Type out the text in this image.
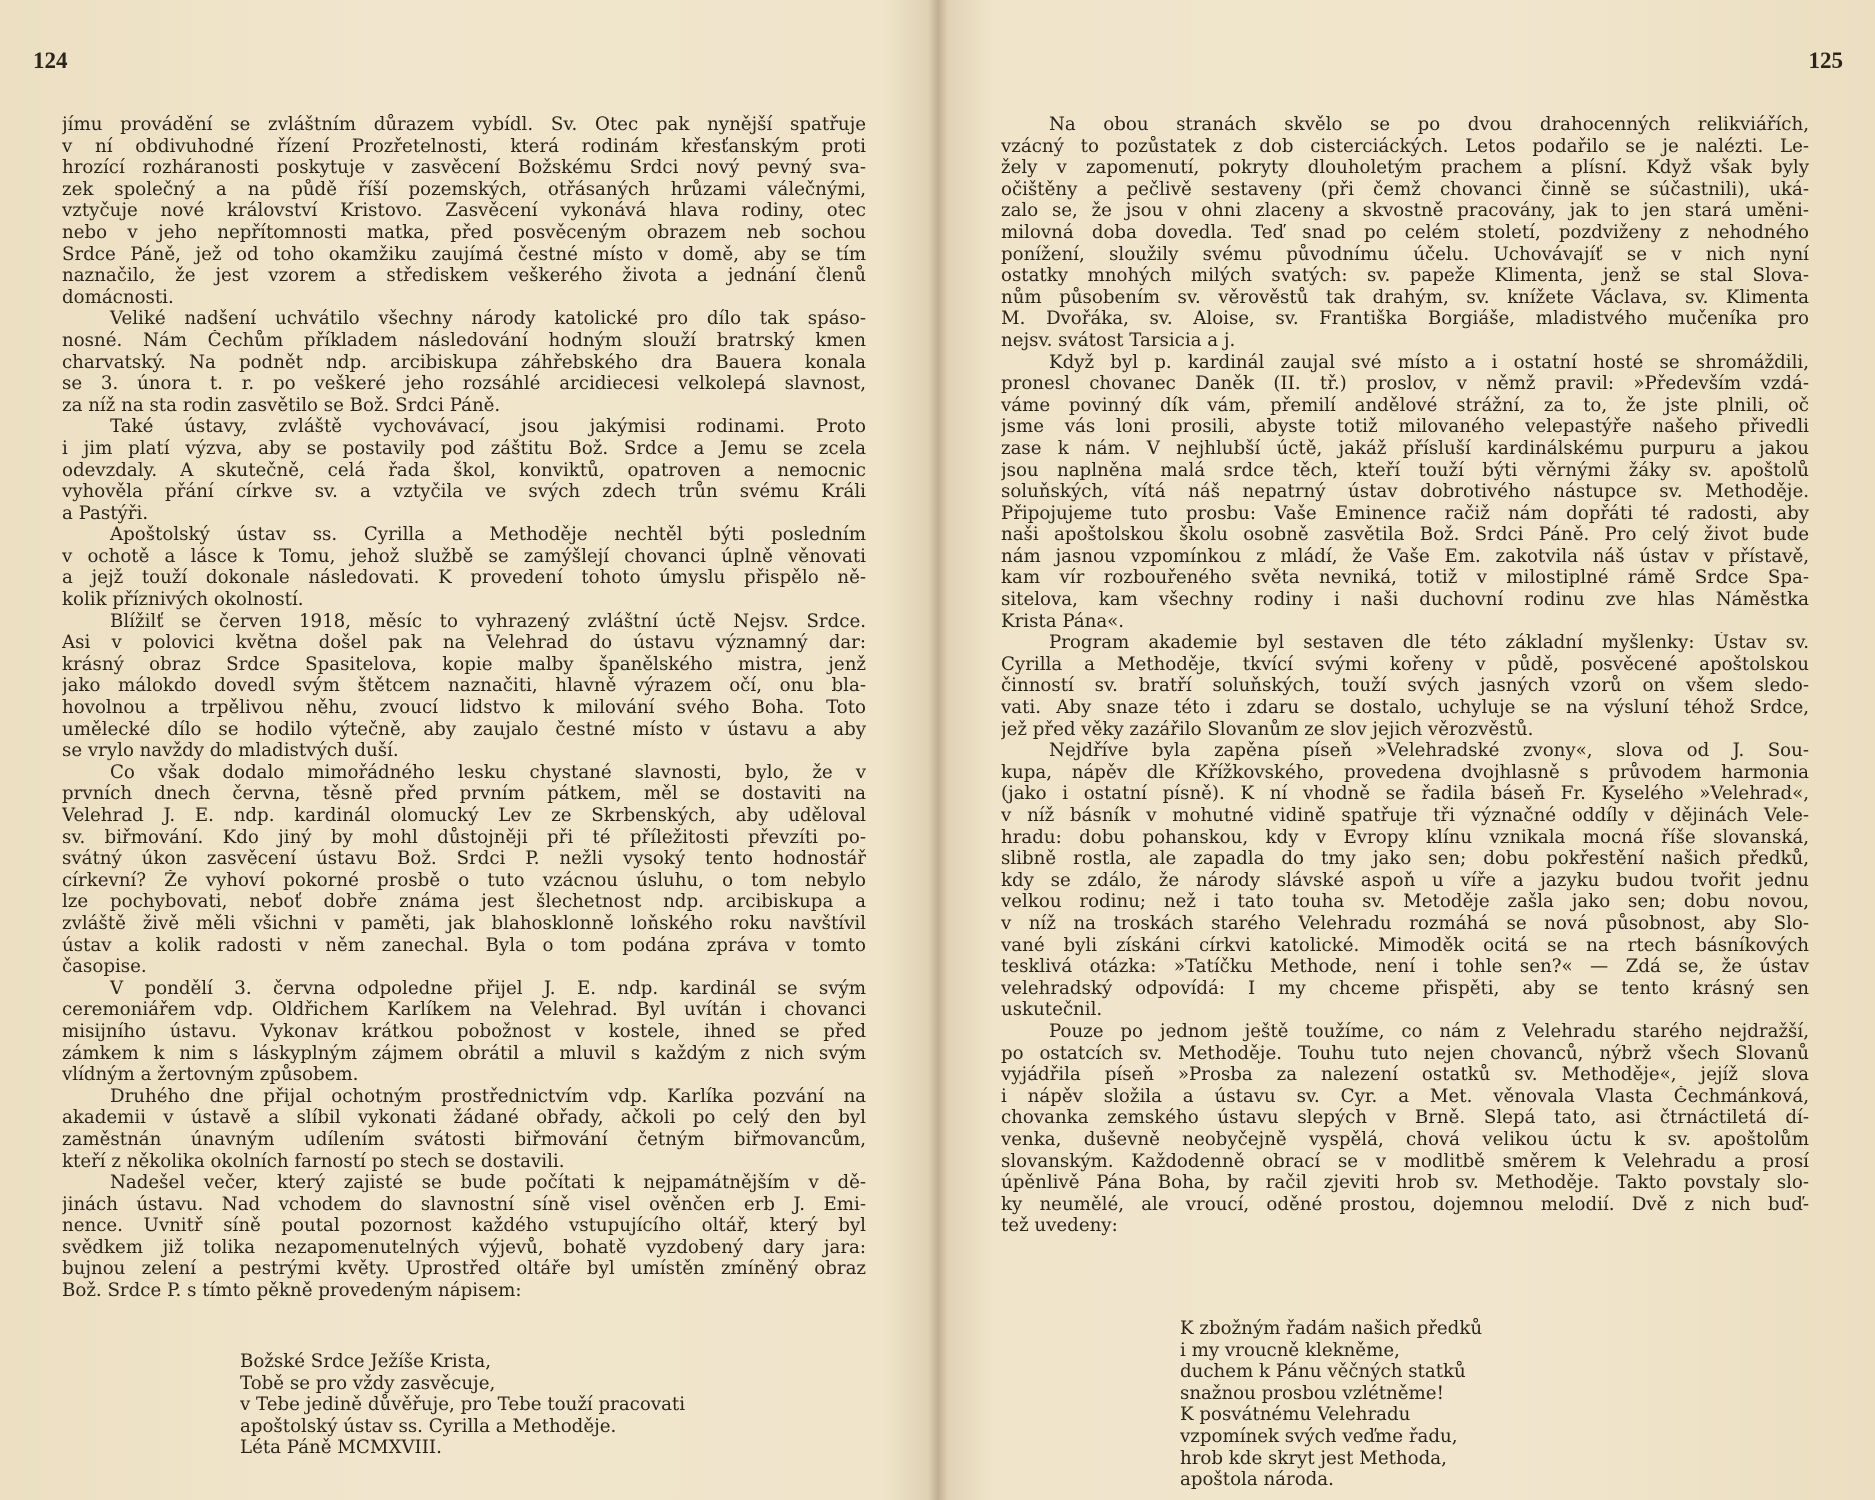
124
jímu provádění se zvláštním důrazem vybídl. Sv. Otec pak nynější spatřuje
v ní obdivuhodné řízení Prozřetelnosti, která rodinám křesťanským proti
hrozící rozháranosti poskytuje v zasvěcení Božskému Srdci nový pevný sva-
zek společný a na půdě říší pozemských, otřásaných hrůzami válečnými,
vztyčuje nové království Kristovo. Zasvěcení vykonává hlava rodiny, otec
nebo v jeho nepřítomnosti matka, před posvěceným obrazem neb sochou
Srdce Páně, jež od toho okamžiku zaujímá čestné místo v domě, aby se tím
naznačilo, že jest vzorem a střediskem veškerého života a jednání členů
domácnosti.
Veliké nadšení uchvátilo všechny národy katolické pro dílo tak spáso-
nosné. Nám Čechům příkladem následování hodným slouží bratrský kmen
charvatský. Na podnět ndp. arcibiskupa záhřebského dra Bauera konala
se 3. února t. r. po veškeré jeho rozsáhlé arcidiecesi velkolepá slavnost,
za níž na sta rodin zasvětilo se Bož. Srdci Páně.
Také ústavy, zvláště vychovávací, jsou jakýmisi rodinami. Proto
i jim platí výzva, aby se postavily pod záštitu Bož. Srdce a Jemu se zcela
odevzdaly. A skutečně, celá řada škol, konviktů, opatroven a nemocnic
vyhověla přání církve sv. a vztyčila ve svých zdech trůn svému Králi
a Pastýři.
Apoštolský ústav ss. Cyrilla a Methoděje nechtěl býti posledním
v ochotě a lásce k Tomu, jehož službě se zamýšlejí chovanci úplně věnovati
a jejž touží dokonale následovati. K provedení tohoto úmyslu přispělo ně-
kolik příznivých okolností.
Blížilť se červen 1918, měsíc to vyhrazený zvláštní úctě Nejsv. Srdce.
Asi v polovici května došel pak na Velehrad do ústavu významný dar:
krásný obraz Srdce Spasitelova, kopie malby španělského mistra, jenž
jako málokdo dovedl svým štětcem naznačiti, hlavně výrazem očí, onu bla-
hovolnou a trpělivou něhu, zvoucí lidstvo k milování svého Boha. Toto
umělecké dílo se hodilo výtečně, aby zaujalo čestné místo v ústavu a aby
se vrylo navždy do mladistvých duší.
Co však dodalo mimořádného lesku chystané slavnosti, bylo, že v
prvních dnech června, těsně před prvním pátkem, měl se dostaviti na
Velehrad J. E. ndp. kardinál olomucký Lev ze Skrbenských, aby uděloval
sv. biřmování. Kdo jiný by mohl důstojněji při té příležitosti převzíti po-
svátný úkon zasvěcení ústavu Bož. Srdci P. nežli vysoký tento hodnostář
církevní? Že vyhoví pokorné prosbě o tuto vzácnou úsluhu, o tom nebylo
lze pochybovati, neboť dobře známa jest šlechetnost ndp. arcibiskupa a
zvláště živě měli všichni v paměti, jak blahosklonně loňského roku navštívil
ústav a kolik radosti v něm zanechal. Byla o tom podána zpráva v tomto
časopise.
V pondělí 3. června odpoledne přijel J. E. ndp. kardinál se svým
ceremoniářem vdp. Oldřichem Karlíkem na Velehrad. Byl uvítán i chovanci
misijního ústavu. Vykonav krátkou pobožnost v kostele, ihned se před
zámkem k nim s láskyplným zájmem obrátil a mluvil s každým z nich svým
vlídným a žertovným způsobem.
Druhého dne přijal ochotným prostřednictvím vdp. Karlíka pozvání na
akademii v ústavě a slíbil vykonati žádané obřady, ačkoli po celý den byl
zaměstnán únavným udílením svátosti biřmování četným biřmovancům,
kteří z několika okolních farností po stech se dostavili.
Nadešel večer, který zajisté se bude počítati k nejpamátnějším v dě-
jinách ústavu. Nad vchodem do slavnostní síně visel ověnčen erb J. Emi-
nence. Uvnitř síně poutal pozornost každého vstupujícího oltář, který byl
svědkem již tolika nezapomenutelných výjevů, bohatě vyzdobený dary jara:
bujnou zelení a pestrými květy. Uprostřed oltáře byl umístěn zmíněný obraz
Bož. Srdce P. s tímto pěkně provedeným nápisem:
Božské Srdce Ježíše Krista,
Tobě se pro vždy zasvěcuje,
v Tebe jedině důvěřuje, pro Tebe touží pracovati
apoštolský ústav ss. Cyrilla a Methoděje.
Léta Páně MCMXVIII.
125
Na obou stranách skvělo se po dvou drahocenných relikviářích,
vzácný to pozůstatek z dob cisterciáckých. Letos podařilo se je nalézti. Le-
žely v zapomenutí, pokryty dlouholetým prachem a plísní. Když však byly
očištěny a pečlivě sestaveny (při čemž chovanci činně se súčastnili), uká-
zalo se, že jsou v ohni zlaceny a skvostně pracovány, jak to jen stará uměni-
milovná doba dovedla. Teď snad po celém století, pozdviženy z nehodného
ponížení, sloužily svému původnímu účelu. Uchovávajíť se v nich nyní
ostatky mnohých milých svatých: sv. papeže Klimenta, jenž se stal Slova-
nům působením sv. věrověstů tak drahým, sv. knížete Václava, sv. Klimenta
M. Dvořáka, sv. Aloise, sv. Františka Borgiáše, mladistvého mučeníka pro
nejsv. svátost Tarsicia a j.
Když byl p. kardinál zaujal své místo a i ostatní hosté se shromáždili,
pronesl chovanec Daněk (II. tř.) proslov, v němž pravil: »Především vzdá-
váme povinný dík vám, přemilí andělové strážní, za to, že jste plnili, oč
jsme vás loni prosili, abyste totiž milovaného velepastýře našeho přivedli
zase k nám. V nejhlubší úctě, jakáž přísluší kardinálskému purpuru a jakou
jsou naplněna malá srdce těch, kteří touží býti věrnými žáky sv. apoštolů
soluňských, vítá náš nepatrný ústav dobrotivého nástupce sv. Methoděje.
Připojujeme tuto prosbu: Vaše Eminence račiž nám dopřáti té radosti, aby
naši apoštolskou školu osobně zasvětila Bož. Srdci Páně. Pro celý život bude
nám jasnou vzpomínkou z mládí, že Vaše Em. zakotvila náš ústav v přístavě,
kam vír rozbouřeného světa nevniká, totiž v milostiplné rámě Srdce Spa-
sitelova, kam všechny rodiny i naši duchovní rodinu zve hlas Náměstka
Krista Pána«.
Program akademie byl sestaven dle této základní myšlenky: Ústav sv.
Cyrilla a Methoděje, tkvící svými kořeny v půdě, posvěcené apoštolskou
činností sv. bratří soluňských, touží svých jasných vzorů on všem sledo-
vati. Aby snaze této i zdaru se dostalo, uchyluje se na výsluní téhož Srdce,
jež před věky zazářilo Slovanům ze slov jejich věrozvěstů.
Nejdříve byla zapěna píseň »Velehradské zvony«, slova od J. Sou-
kupa, nápěv dle Křížkovského, provedena dvojhlasně s průvodem harmonia
(jako i ostatní písně). K ní vhodně se řadila báseň Fr. Kyselého »Velehrad«,
v níž básník v mohutné vidině spatřuje tři význačné oddíly v dějinách Vele-
hradu: dobu pohanskou, kdy v Evropy klínu vznikala mocná říše slovanská,
slibně rostla, ale zapadla do tmy jako sen; dobu pokřestění našich předků,
kdy se zdálo, že národy slávské aspoň u víře a jazyku budou tvořit jednu
velkou rodinu; než i tato touha sv. Metoděje zašla jako sen; dobu novou,
v níž na troskách starého Velehradu rozmáhá se nová působnost, aby Slo-
vané byli získáni církvi katolické. Mimoděk ocitá se na rtech básníkových
tesklivá otázka: »Tatíčku Methode, není i tohle sen?« — Zdá se, že ústav
velehradský odpovídá: I my chceme přispěti, aby se tento krásný sen
uskutečnil.
Pouze po jednom ještě toužíme, co nám z Velehradu starého nejdražší,
po ostatcích sv. Methoděje. Touhu tuto nejen chovanců, nýbrž všech Slovanů
vyjádřila píseň »Prosba za nalezení ostatků sv. Methoděje«, jejíž slova
i nápěv složila a ústavu sv. Cyr. a Met. věnovala Vlasta Čechmánková,
chovanka zemského ústavu slepých v Brně. Slepá tato, asi čtrnáctiletá dí-
venka, duševně neobyčejně vyspělá, chová velikou úctu k sv. apoštolům
slovanským. Každodenně obrací se v modlitbě směrem k Velehradu a prosí
úpěnlivě Pána Boha, by račil zjeviti hrob sv. Methoděje. Takto povstaly slo-
ky neumělé, ale vroucí, oděné prostou, dojemnou melodií. Dvě z nich buď-
tež uvedeny:
K zbožným řadám našich předků
i my vroucně klekněme,
duchem k Pánu věčných statků
snažnou prosbou vzlétněme!
K posvátnému Velehradu
vzpomínek svých veďme řadu,
hrob kde skryt jest Methoda,
apoštola národa.
